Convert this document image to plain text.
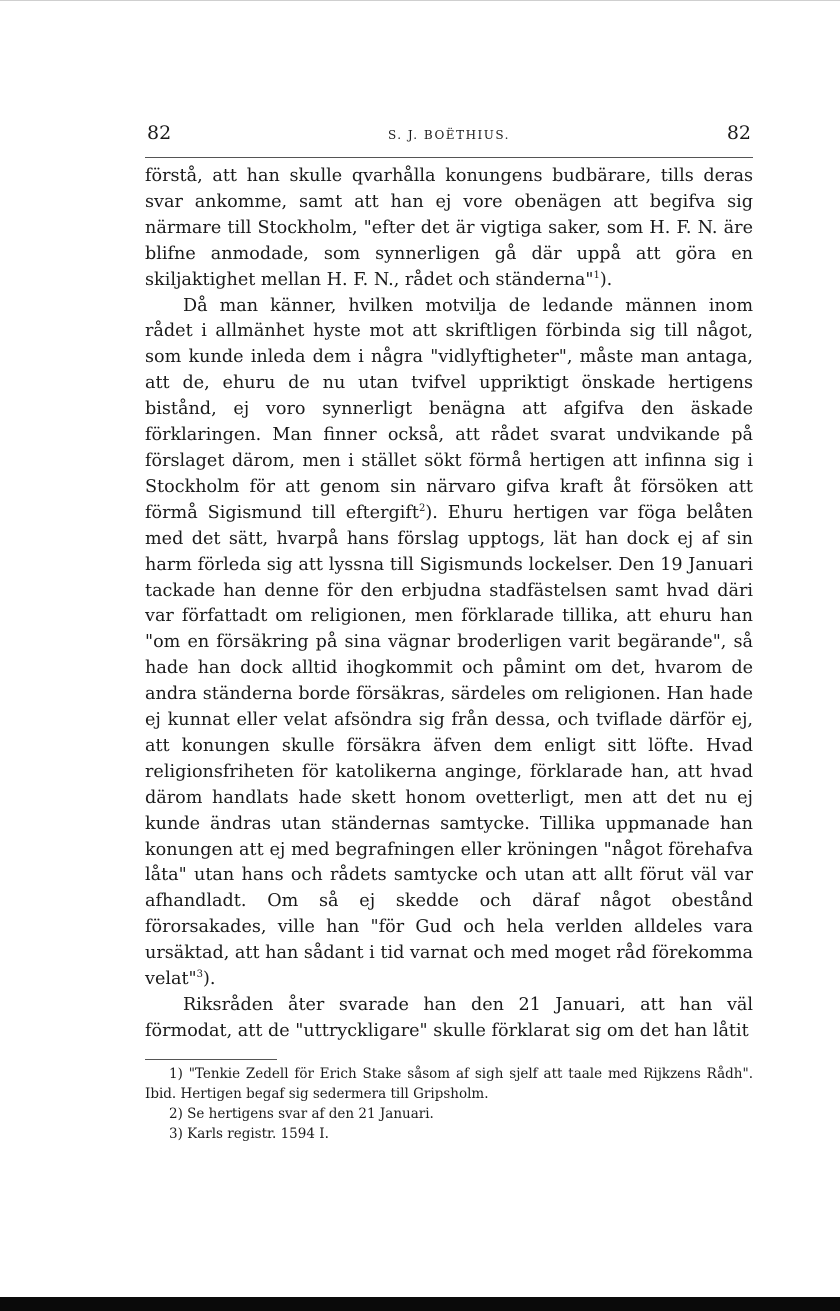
82	S. J. BOËTHIUS.	82

förstå, att han skulle qvarhålla konungens budbärare, tills deras svar ankomme, samt att han ej vore obenägen att begifva sig närmare till Stockholm, "efter det är vigtiga saker, som H. F. N. äre blifne anmodade, som synnerligen gå där uppå att göra en skiljaktighet mellan H. F. N., rådet och ständerna"$^1$).

Då man känner, hvilken motvilja de ledande männen inom rådet i allmänhet hyste mot att skriftligen förbinda sig till något, som kunde inleda dem i några "vidlyftigheter", måste man antaga, att de, ehuru de nu utan tvifvel uppriktigt önskade hertigens bistånd, ej voro synnerligt benägna att afgifva den äskade förklaringen. Man finner också, att rådet svarat undvikande på förslaget därom, men i stället sökt förmå hertigen att infinna sig i Stockholm för att genom sin närvaro gifva kraft åt försöken att förmå Sigismund till eftergift$^2$). Ehuru hertigen var föga belåten med det sätt, hvarpå hans förslag upptogs, lät han dock ej af sin harm förleda sig att lyssna till Sigismunds lockelser. Den 19 Januari tackade han denne för den erbjudna stadfästelsen samt hvad däri var författadt om religionen, men förklarade tillika, att ehuru han "om en försäkring på sina vägnar broderligen varit begärande", så hade han dock alltid ihogkommit och påmint om det, hvarom de andra ständerna borde försäkras, särdeles om religionen. Han hade ej kunnat eller velat afsöndra sig från dessa, och tviflade därför ej, att konungen skulle försäkra äfven dem enligt sitt löfte. Hvad religionsfriheten för katolikerna anginge, förklarade han, att hvad därom handlats hade skett honom ovetterligt, men att det nu ej kunde ändras utan ständernas samtycke. Tillika uppmanade han konungen att ej med begrafningen eller kröningen "något förehafva låta" utan hans och rådets samtycke och utan att allt förut väl var afhandladt. Om så ej skedde och däraf något obestånd förorsakades, ville han "för Gud och hela verlden alldeles vara ursäktad, att han sådant i tid varnat och med moget råd förekomma velat"$^3$).

Riksråden åter svarade han den 21 Januari, att han väl förmodat, att de "uttryckligare" skulle förklarat sig om det han låtit

1) "Tenkie Zedell för Erich Stake såsom af sigh sjelf att taale med Rijkzens Rådh". Ibid. Hertigen begaf sig sedermera till Gripsholm.

2) Se hertigens svar af den 21 Januari.

3) Karls registr. 1594 I.
